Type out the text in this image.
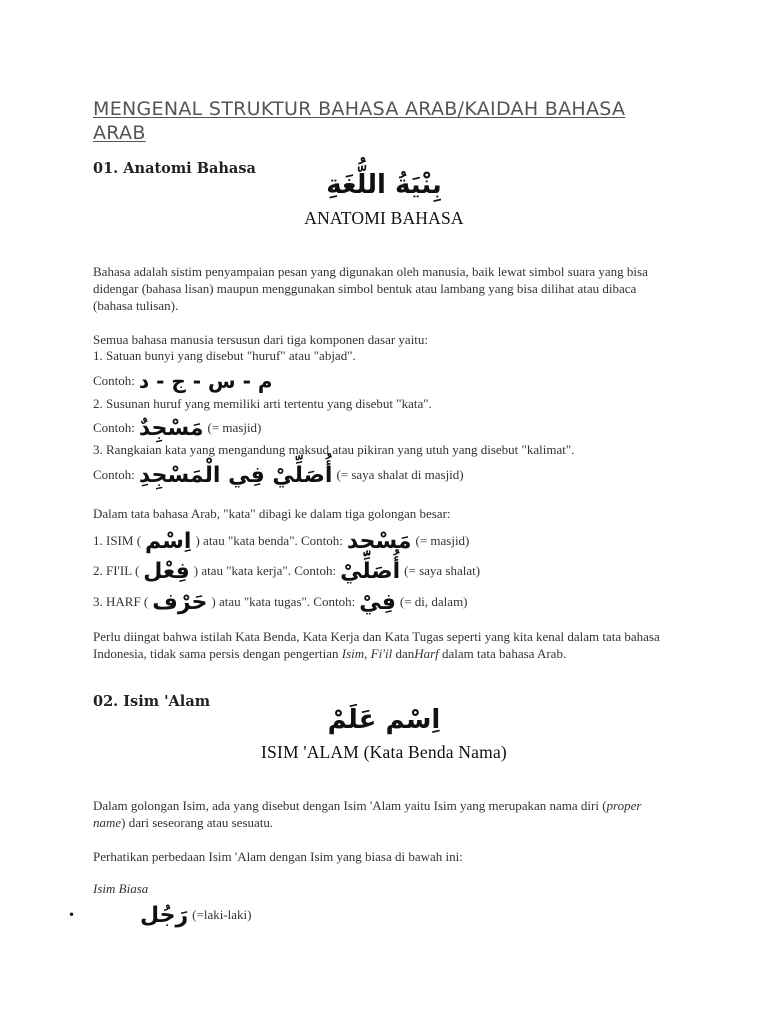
MENGENAL STRUKTUR BAHASA ARAB/KAIDAH BAHASA ARAB
01. Anatomi Bahasa
بِنْيَةُ اللُّغَةِ
ANATOMI BAHASA
Bahasa adalah sistim penyampaian pesan yang digunakan oleh manusia, baik lewat simbol suara yang bisa didengar (bahasa lisan) maupun menggunakan simbol bentuk atau lambang yang bisa dilihat atau dibaca (bahasa tulisan).
Semua bahasa manusia tersusun dari tiga komponen dasar yaitu:
1. Satuan bunyi yang disebut "huruf" atau "abjad".
Contoh: م - س - ج - د
2. Susunan huruf yang memiliki arti tertentu yang disebut "kata".
Contoh: مَسْجِدٌ (= masjid)
3. Rangkaian kata yang mengandung maksud atau pikiran yang utuh yang disebut "kalimat".
Contoh: أُصَلِّيْ فِي الْمَسْجِدِ (= saya shalat di masjid)
Dalam tata bahasa Arab, "kata" dibagi ke dalam tiga golongan besar:
1. ISIM ( اِسْم ) atau "kata benda". Contoh: مَسْجِد (= masjid)
2. FI'IL ( فِعْل ) atau "kata kerja". Contoh: أُصَلِّيْ (= saya shalat)
3. HARF ( حَرْف ) atau "kata tugas". Contoh: فِيْ (= di, dalam)
Perlu diingat bahwa istilah Kata Benda, Kata Kerja dan Kata Tugas seperti yang kita kenal dalam tata bahasa Indonesia, tidak sama persis dengan pengertian Isim, Fi'il danHarf dalam tata bahasa Arab.
02. Isim 'Alam
اِسْم عَلَمْ
ISIM 'ALAM (Kata Benda Nama)
Dalam golongan Isim, ada yang disebut dengan Isim 'Alam yaitu Isim yang merupakan nama diri (proper name) dari seseorang atau sesuatu.
Perhatikan perbedaan Isim 'Alam dengan Isim yang biasa di bawah ini:
Isim Biasa
•	رَجُل (=laki-laki)
